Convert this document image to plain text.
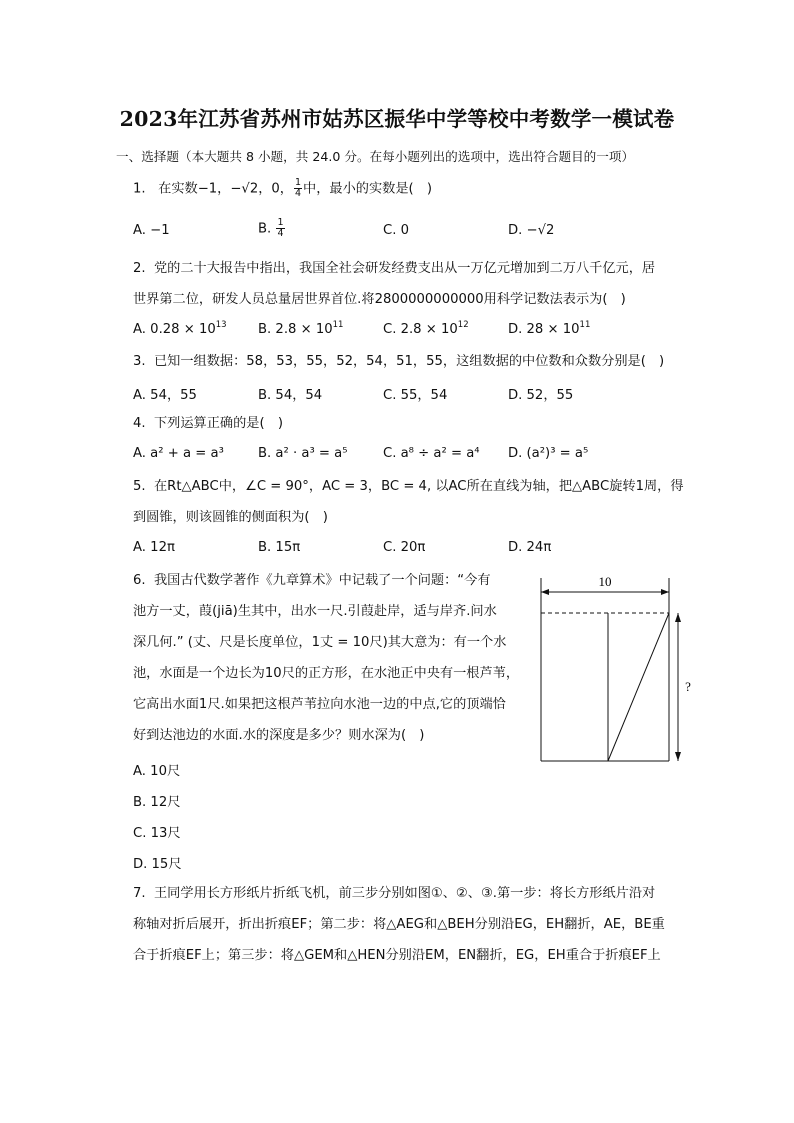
2023年江苏省苏州市姑苏区振华中学等校中考数学一模试卷
一、选择题（本大题共 8 小题，共 24.0 分。在每小题列出的选项中，选出符合题目的一项）
1. 在实数−1，−√2，0， $\frac{1}{4}$ 中，最小的实数是(　)
A. −1	B. $\frac{1}{4}$	C. 0	D. −√2
2. 党的二十大报告中指出，我国全社会研发经费支出从一万亿元增加到二万八千亿元，居
世界第二位，研发人员总量居世界首位.将2800000000000用科学记数法表示为(　)
A. $0.28 \times 10^{13}$ B. $2.8 \times 10^{11}$	C. $2.8 \times 10^{12}$	D. $28 \times 10^{11}$
3. 已知一组数据：58，53，55，52，54，51，55，这组数据的中位数和众数分别是(　)
A. 54，55	B. 54，54	C. 55，54	D. 52，55
4. 下列运算正确的是(　)
A. a² + a = a³	B. a² · a³ = a⁵	C. a⁸ ÷ a² = a⁴ D. (a²)³ = a⁵
5. 在Rt△ABC中，∠C = 90°，AC = 3，BC = 4, 以AC所在直线为轴，把△ABC旋转1周，得
到圆锥，则该圆锥的侧面积为(　)
A. 12π	B. 15π	C. 20π	D. 24π
6. 我国古代数学著作《九章算术》中记载了一个问题：“今有
池方一丈，葭(jiā)生其中，出水一尺.引葭赴岸，适与岸齐.问水
深几何.” (丈、尺是长度单位，1丈 = 10尺)其大意为：有一个水
池，水面是一个边长为10尺的正方形，在水池正中央有一根芦苇，
它高出水面1尺.如果把这根芦苇拉向水池一边的中点,它的顶端恰
好到达池边的水面.水的深度是多少？则水深为(　)
A. 10尺
B. 12尺
C. 13尺
D. 15尺
10
?
7. 王同学用长方形纸片折纸飞机，前三步分别如图①、②、③.第一步：将长方形纸片沿对
称轴对折后展开，折出折痕EF；第二步：将△AEG和△BEH分别沿EG，EH翻折，AE，BE重
合于折痕EF上；第三步：将△GEM和△HEN分别沿EM，EN翻折，EG，EH重合于折痕EF上
